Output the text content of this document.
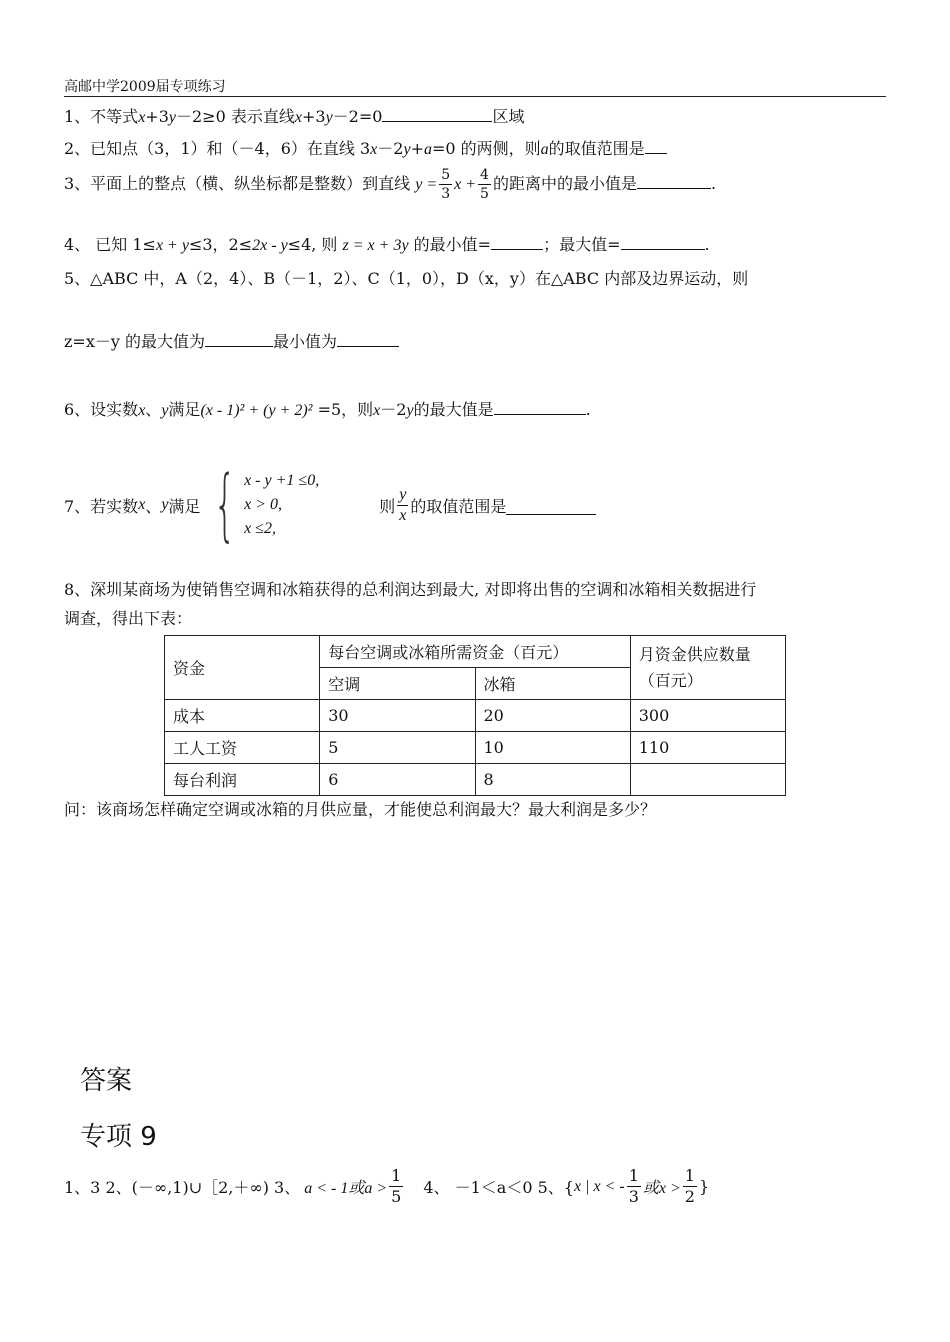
高邮中学2009届专项练习
1、不等式x+3y－2≥0 表示直线x+3y－2=0	区域
2、已知点（3，1）和（－4，6）在直线 3x－2y+a=0 的两侧，则a的取值范围是
3、平面上的整点（横、纵坐标都是整数）到直线 $y = \frac{5}{3}$ $x + \frac{4}{5}$ 的距离中的最小值是	.
4、 已知 1≤x + y≤3，2≤2x - y≤4, 则 z = x + 3y 的最小值=	；最大值=	.
5、△ABC 中，A（2，4）、B（－1，2）、C（1，0），D（x，y）在△ABC 内部及边界运动，则
z=x－y 的最大值为	最小值为
6、设实数x、y满足(x - 1)² + (y + 2)² =5，则x－2y的最大值是	.
7、若实数 x 、 y 满足 { x - y +1 ≤0,
x > 0,
x ≤2,
则 $\frac{y}{x}$ 的取值范围是
8、深圳某商场为使销售空调和冰箱获得的总利润达到最大, 对即将出售的空调和冰箱相关数据进行
调查，得出下表：
资金	每台空调或冰箱所需资金（百元）		月资金供应数量（百元）
	空调	冰箱	
成本	30	20	300
工人工资	5	10	110
每台利润	6	8	
问：该商场怎样确定空调或冰箱的月供应量，才能使总利润最大？最大利润是多少？
答案
专项 9
1、3 2、(－∞,1)∪［2,＋∞) 3、 a < - 1或$a > \frac{1}{5} 4$、 －1＜a＜0 5、{ x | x < - $\frac{1}{3}$ 或$x > \frac{1}{2}$ }
